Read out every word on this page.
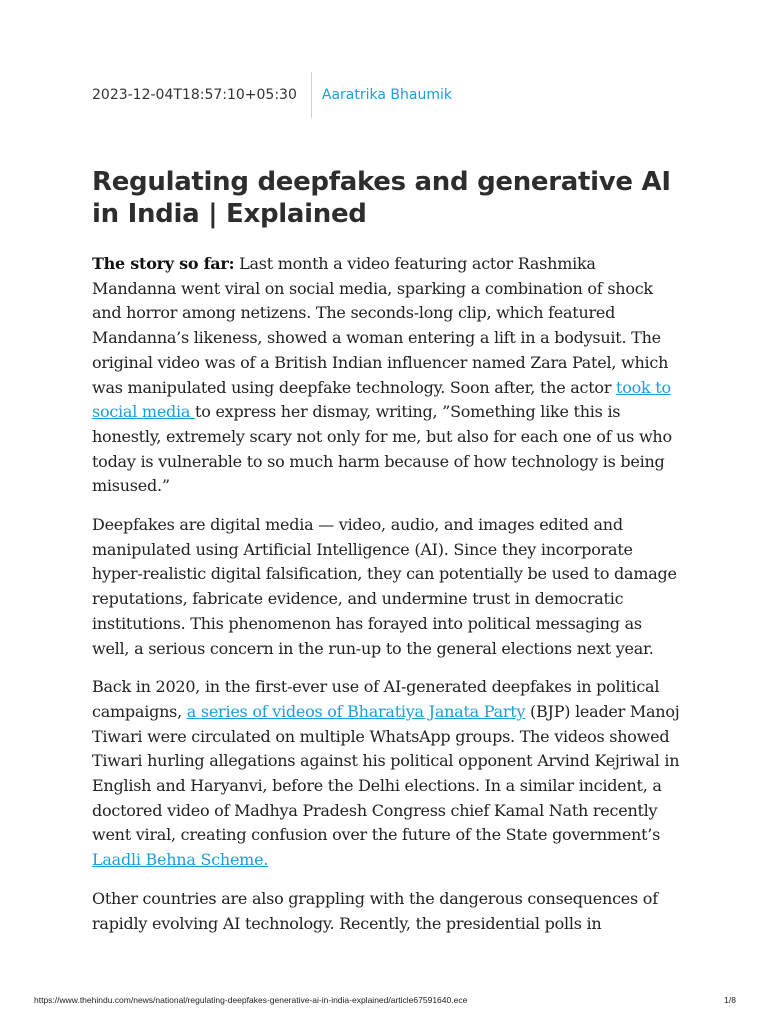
2023-12-04T18:57:10+05:30	Aaratrika Bhaumik
Regulating deepfakes and generative AI in India | Explained

The story so far: Last month a video featuring actor Rashmika Mandanna went viral on social media, sparking a combination of shock and horror among netizens. The seconds-long clip, which featured Mandanna’s likeness, showed a woman entering a lift in a bodysuit. The original video was of a British Indian influencer named Zara Patel, which was manipulated using deepfake technology. Soon after, the actor took to social media to express her dismay, writing, ”Something like this is honestly, extremely scary not only for me, but also for each one of us who today is vulnerable to so much harm because of how technology is being misused.”

Deepfakes are digital media — video, audio, and images edited and manipulated using Artificial Intelligence (AI). Since they incorporate hyper-realistic digital falsification, they can potentially be used to damage reputations, fabricate evidence, and undermine trust in democratic institutions. This phenomenon has forayed into political messaging as well, a serious concern in the run-up to the general elections next year.

Back in 2020, in the first-ever use of AI-generated deepfakes in political campaigns, a series of videos of Bharatiya Janata Party (BJP) leader Manoj Tiwari were circulated on multiple WhatsApp groups. The videos showed Tiwari hurling allegations against his political opponent Arvind Kejriwal in English and Haryanvi, before the Delhi elections. In a similar incident, a doctored video of Madhya Pradesh Congress chief Kamal Nath recently went viral, creating confusion over the future of the State government’s Laadli Behna Scheme.

Other countries are also grappling with the dangerous consequences of rapidly evolving AI technology. Recently, the presidential polls in

https://www.thehindu.com/news/national/regulating-deepfakes-generative-ai-in-india-explained/article67591640.ece	1/8
